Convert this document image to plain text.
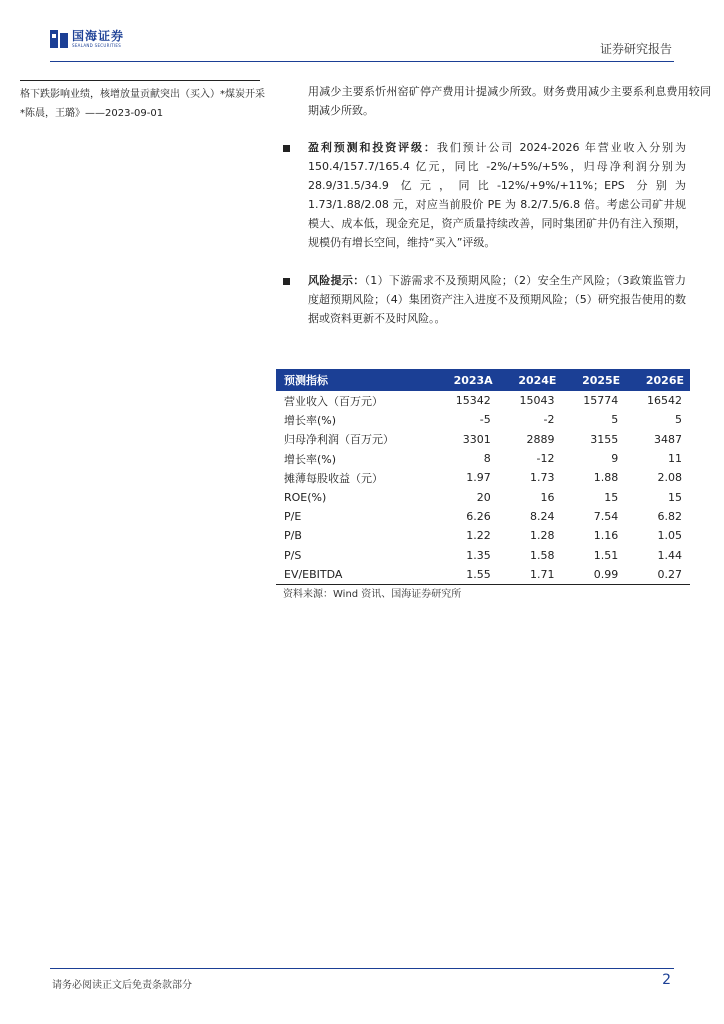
国海证券
SEALAND SECURITIES	证券研究报告
格下跌影响业绩，核增放量贡献突出（买入）*煤炭开采*陈晨，王璐》——2023-09-01
用减少主要系忻州窑矿停产费用计提减少所致。财务费用减少主要系利息费用较同期减少所致。
盈利预测和投资评级：我们预计公司 2024-2026 年营业收入分别为 150.4/157.7/165.4 亿元，同比 -2%/+5%/+5%，归母净利润分别为 28.9/31.5/34.9 亿元，同比-12%/+9%/+11%；EPS 分别为 1.73/1.88/2.08 元，对应当前股价 PE 为 8.2/7.5/6.8 倍。考虑公司矿井规模大、成本低，现金充足，资产质量持续改善，同时集团矿井仍有注入预期，规模仍有增长空间，维持“买入”评级。
风险提示：（1）下游需求不及预期风险；（2）安全生产风险；（3政策监管力度超预期风险；（4）集团资产注入进度不及预期风险；（5）研究报告使用的数据或资料更新不及时风险。。
预测指标	2023A	2024E	2025E	2026E
营业收入（百万元）	15342	15043	15774	16542
增长率(%)	-5	-2	5	5
归母净利润（百万元）	3301	2889	3155	3487
增长率(%)	8	-12	9	11
摊薄每股收益（元）	1.97	1.73	1.88	2.08
ROE(%)	20	16	15	15
P/E	6.26	8.24	7.54	6.82
P/B	1.22	1.28	1.16	1.05
P/S	1.35	1.58	1.51	1.44
EV/EBITDA	1.55	1.71	0.99	0.27
资料来源：Wind 资讯、国海证券研究所
请务必阅读正文后免责条款部分	2
